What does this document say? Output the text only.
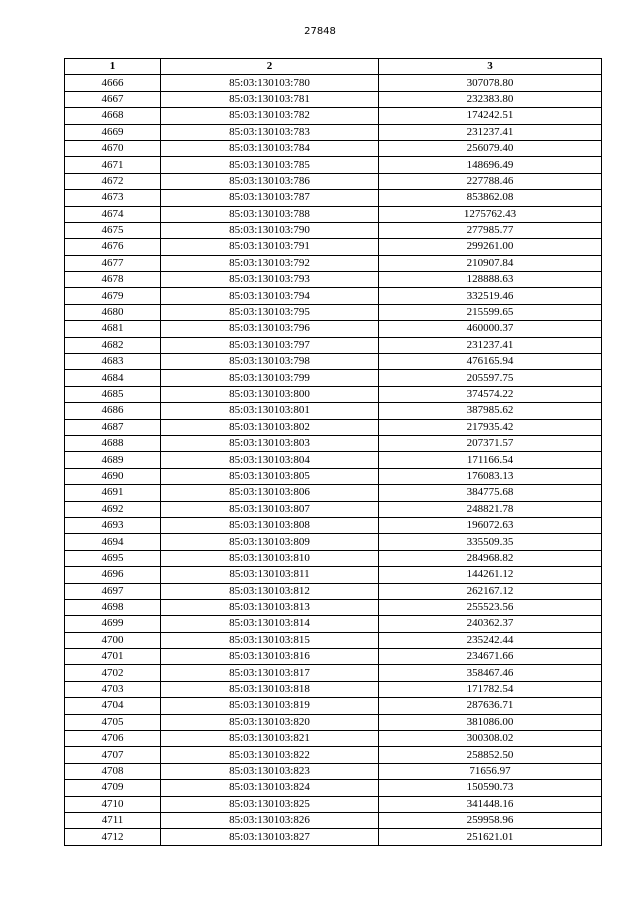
27848
1	2	3
4666	85:03:130103:780	307078.80
4667	85:03:130103:781	232383.80
4668	85:03:130103:782	174242.51
4669	85:03:130103:783	231237.41
4670	85:03:130103:784	256079.40
4671	85:03:130103:785	148696.49
4672	85:03:130103:786	227788.46
4673	85:03:130103:787	853862.08
4674	85:03:130103:788	1275762.43
4675	85:03:130103:790	277985.77
4676	85:03:130103:791	299261.00
4677	85:03:130103:792	210907.84
4678	85:03:130103:793	128888.63
4679	85:03:130103:794	332519.46
4680	85:03:130103:795	215599.65
4681	85:03:130103:796	460000.37
4682	85:03:130103:797	231237.41
4683	85:03:130103:798	476165.94
4684	85:03:130103:799	205597.75
4685	85:03:130103:800	374574.22
4686	85:03:130103:801	387985.62
4687	85:03:130103:802	217935.42
4688	85:03:130103:803	207371.57
4689	85:03:130103:804	171166.54
4690	85:03:130103:805	176083.13
4691	85:03:130103:806	384775.68
4692	85:03:130103:807	248821.78
4693	85:03:130103:808	196072.63
4694	85:03:130103:809	335509.35
4695	85:03:130103:810	284968.82
4696	85:03:130103:811	144261.12
4697	85:03:130103:812	262167.12
4698	85:03:130103:813	255523.56
4699	85:03:130103:814	240362.37
4700	85:03:130103:815	235242.44
4701	85:03:130103:816	234671.66
4702	85:03:130103:817	358467.46
4703	85:03:130103:818	171782.54
4704	85:03:130103:819	287636.71
4705	85:03:130103:820	381086.00
4706	85:03:130103:821	300308.02
4707	85:03:130103:822	258852.50
4708	85:03:130103:823	71656.97
4709	85:03:130103:824	150590.73
4710	85:03:130103:825	341448.16
4711	85:03:130103:826	259958.96
4712	85:03:130103:827	251621.01
